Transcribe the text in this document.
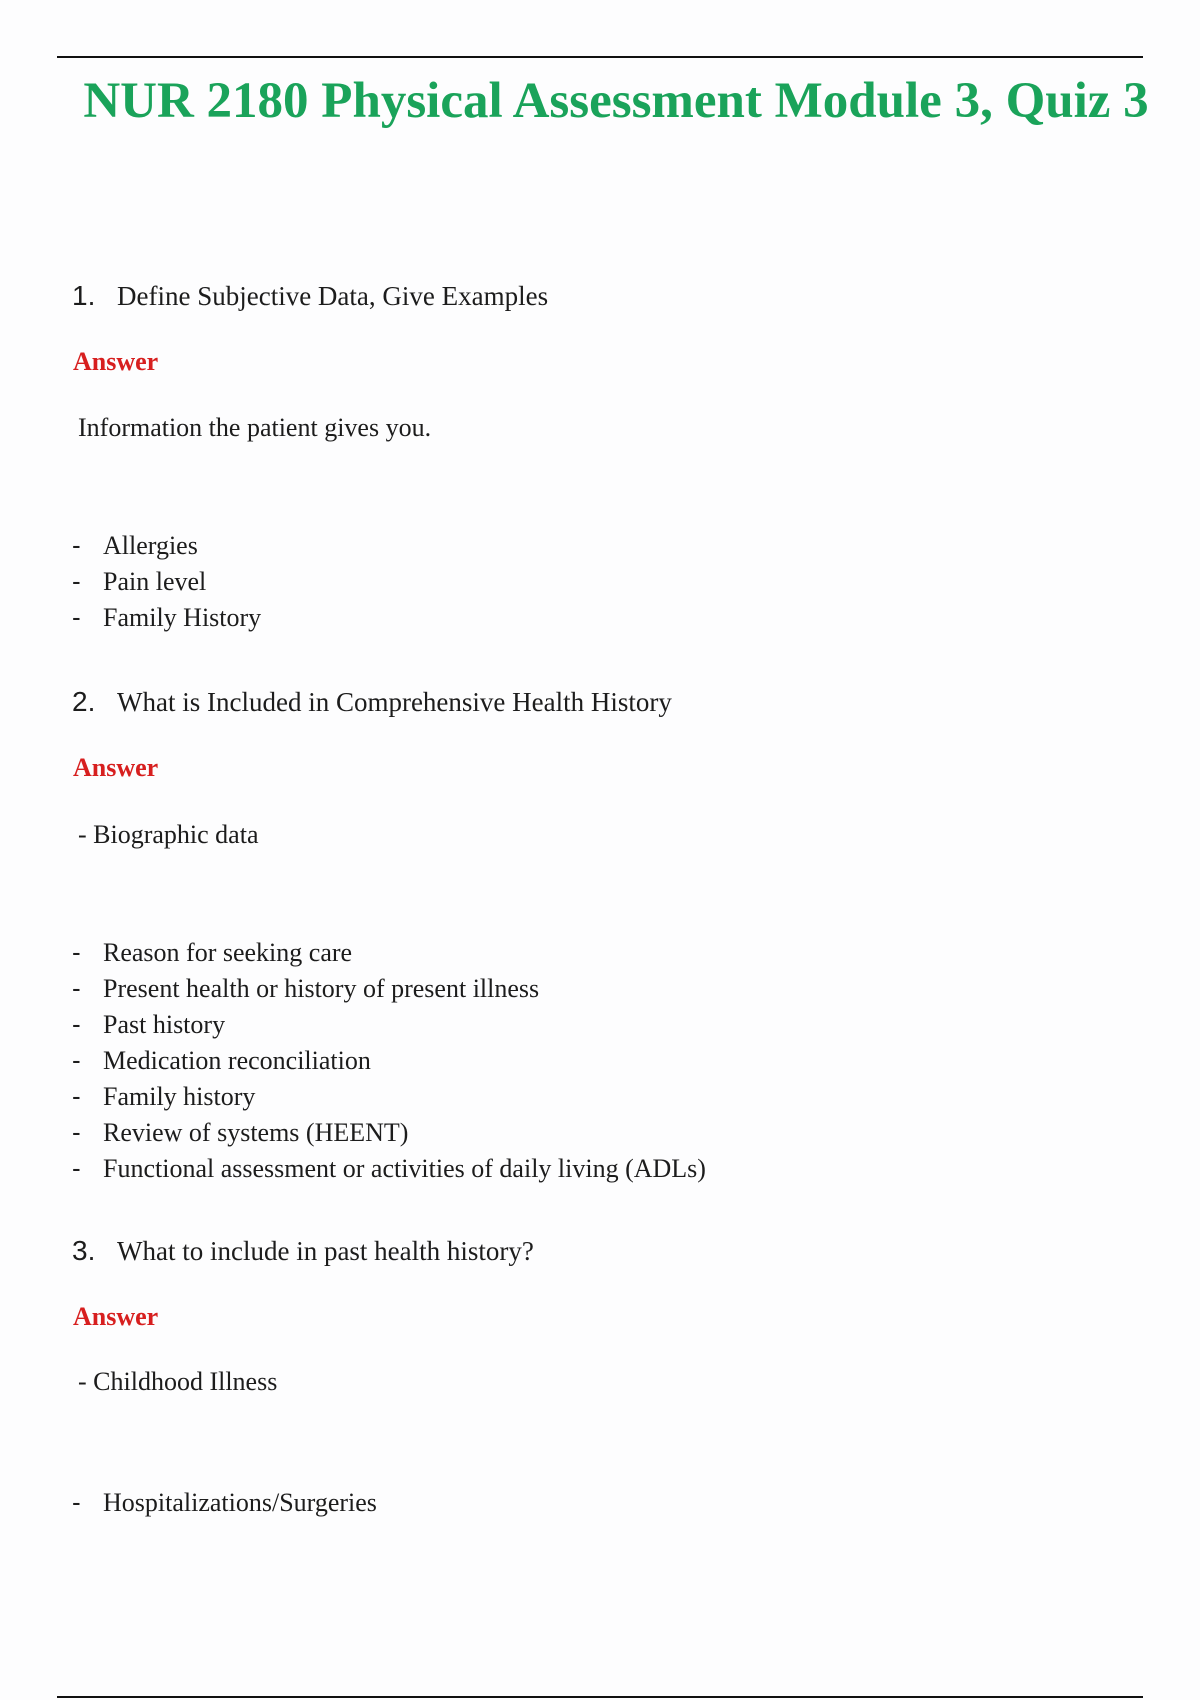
NUR 2180 Physical Assessment Module 3, Quiz 3
1. Define Subjective Data, Give Examples
Answer
Information the patient gives you.
- Allergies
- Pain level
- Family History
2. What is Included in Comprehensive Health History
Answer
- Biographic data
- Reason for seeking care
- Present health or history of present illness
- Past history
- Medication reconciliation
- Family history
- Review of systems (HEENT)
- Functional assessment or activities of daily living (ADLs)
3. What to include in past health history?
Answer
- Childhood Illness
- Hospitalizations/Surgeries
